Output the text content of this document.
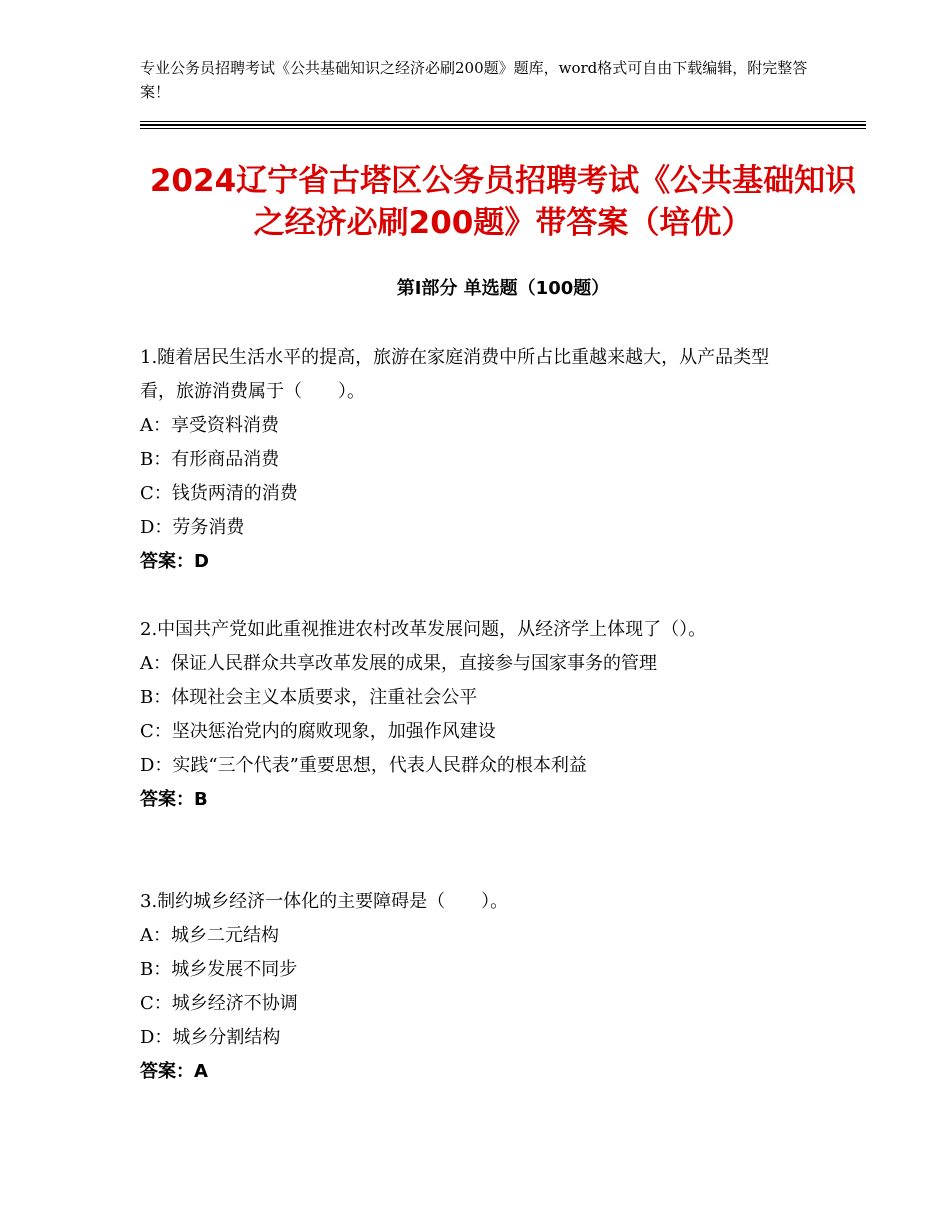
专业公务员招聘考试《公共基础知识之经济必刷200题》题库，word格式可自由下载编辑，附完整答案！
2024辽宁省古塔区公务员招聘考试《公共基础知识之经济必刷200题》带答案（培优）
第Ⅰ部分 单选题（100题）

1.随着居民生活水平的提高，旅游在家庭消费中所占比重越来越大，从产品类型看，旅游消费属于（　　）。

A：享受资料消费

B：有形商品消费

C：钱货两清的消费

D：劳务消费

答案：D

2.中国共产党如此重视推进农村改革发展问题，从经济学上体现了（）。

A：保证人民群众共享改革发展的成果，直接参与国家事务的管理

B：体现社会主义本质要求，注重社会公平

C：坚决惩治党内的腐败现象，加强作风建设

D：实践“三个代表”重要思想，代表人民群众的根本利益

答案：B

3.制约城乡经济一体化的主要障碍是（　　）。

A：城乡二元结构

B：城乡发展不同步

C：城乡经济不协调

D：城乡分割结构

答案：A
